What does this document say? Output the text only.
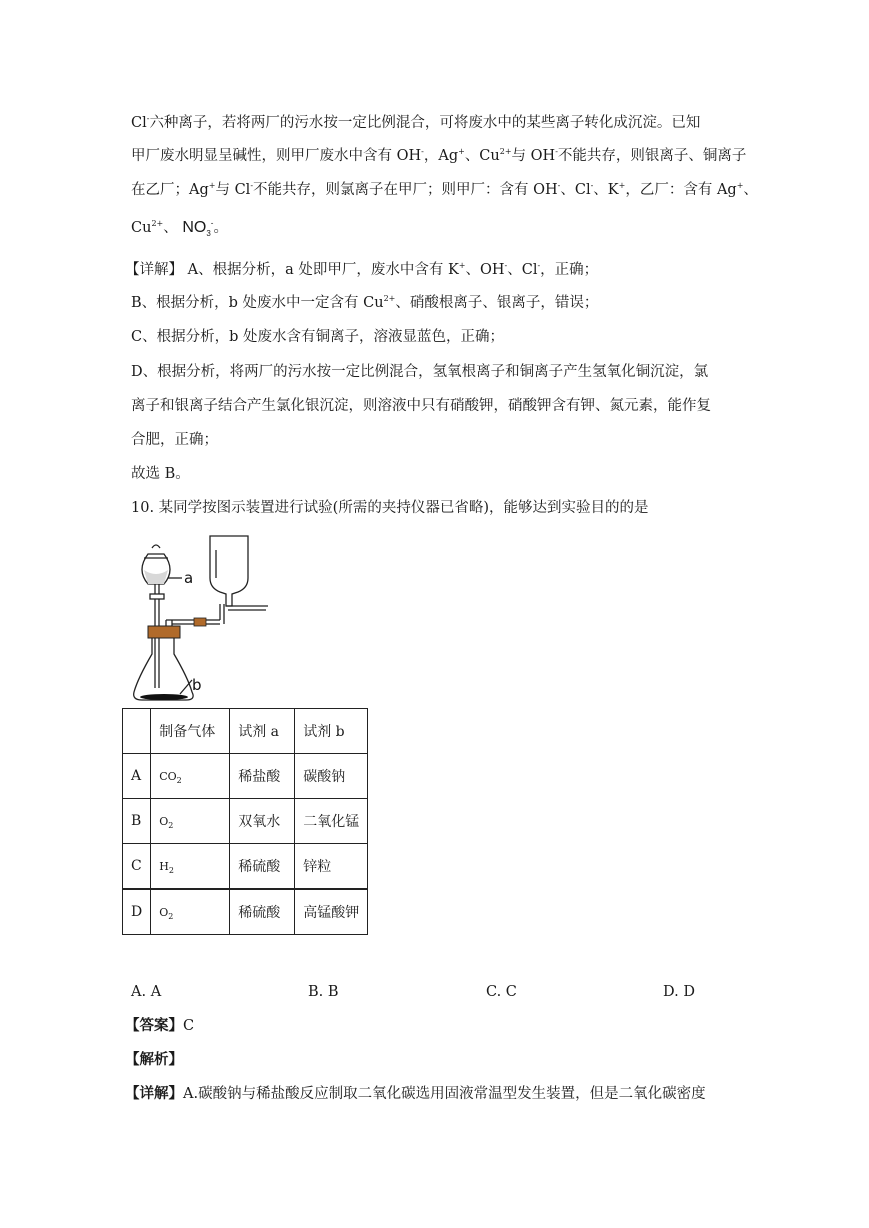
Cl-六种离子，若将两厂的污水按一定比例混合，可将废水中的某些离子转化成沉淀。已知
甲厂废水明显呈碱性，则甲厂废水中含有 OH-，Ag+、$Cu^{2+}$与 OH-不能共存，则银离子、铜离子
在乙厂；Ag+与 Cl-不能共存，则氯离子在甲厂；则甲厂：含有 OH-、Cl-、K+，乙厂：含有 Ag+、
$Cu^{2+}$、 $NO_3^-$。
【详解】 A、根据分析，a 处即甲厂，废水中含有 K+、OH-、Cl-，正确；
B、根据分析，b 处废水中一定含有 $Cu^{2+}$、硝酸根离子、银离子，错误；
C、根据分析，b 处废水含有铜离子，溶液显蓝色，正确；
D、根据分析，将两厂的污水按一定比例混合，氢氧根离子和铜离子产生氢氧化铜沉淀，氯
离子和银离子结合产生氯化银沉淀，则溶液中只有硝酸钾，硝酸钾含有钾、氮元素，能作复
合肥，正确；
故选 B。
10. 某同学按图示装置进行试验(所需的夹持仪器已省略)，能够达到实验目的的是
a
b
	制备气体	试剂 a	试剂 b
A	$CO_2$	稀盐酸	碳酸钠
B	$O_2$	双氧水	二氧化锰
C	$H_2$	稀硫酸	锌粒
D	$O_2$	稀硫酸	高锰酸钾
A. A	B. B	C. C	D. D
【答案】C
【解析】
【详解】A.碳酸钠与稀盐酸反应制取二氧化碳选用固液常温型发生装置，但是二氧化碳密度
